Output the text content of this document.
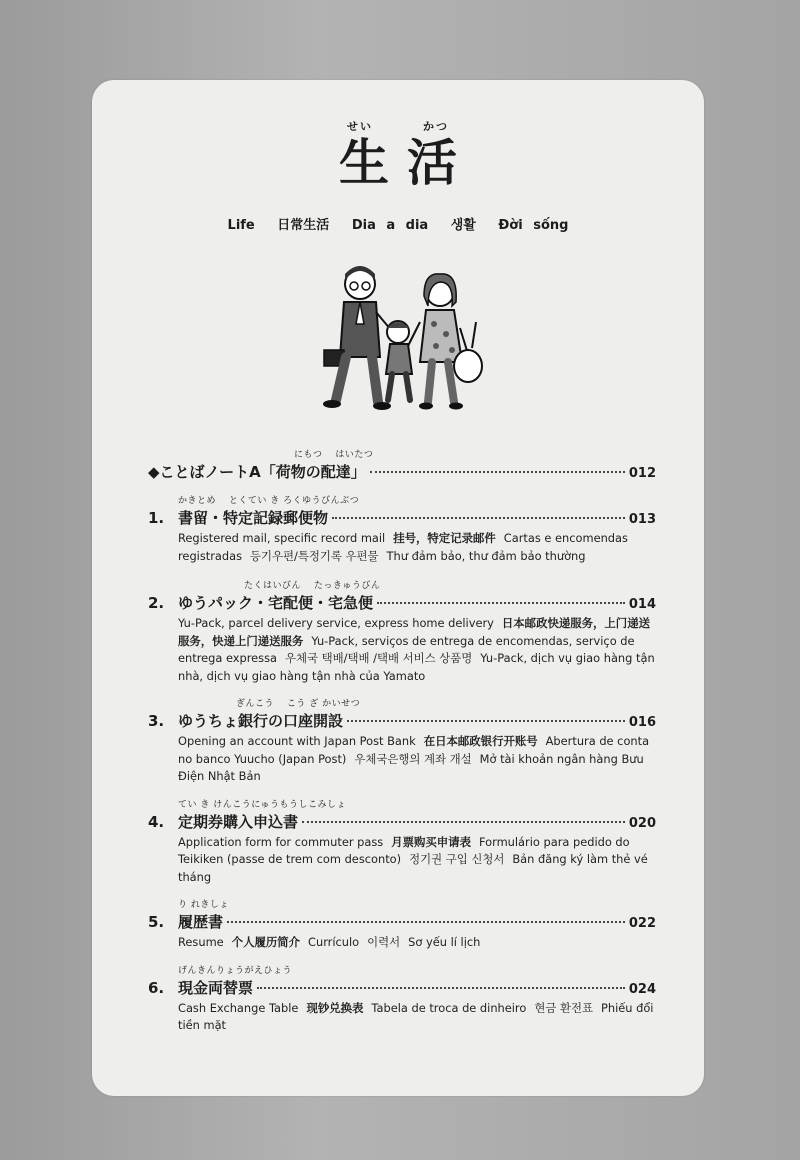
せい	かつ
生活
Life 日常生活 Dia a dia 생활 Đời sống
にもつ　 はいたつ
◆ことばノートA「荷物の配達」	012
かきとめ　 とくてい き ろくゆうびんぶつ
1. 書留・特定記録郵便物	013
Registered mail, specific record mail 挂号，特定记录邮件 Cartas e encomendas registradas 등기우편/특정기록 우편물 Thư đảm bảo, thư đảm bảo thường
たくはいびん　 たっきゅうびん
2. ゆうパック・宅配便・宅急便	014
Yu-Pack, parcel delivery service, express home delivery 日本邮政快递服务，上门递送服务，快递上门递送服务 Yu-Pack, serviços de entrega de encomendas, serviço de entrega expressa 우체국 택배/택배 /택배 서비스 상품명 Yu-Pack, dịch vụ giao hàng tận nhà, dịch vụ giao hàng tận nhà của Yamato
ぎんこう　 こう ざ かいせつ
3. ゆうちょ銀行の口座開設	016
Opening an account with Japan Post Bank 在日本邮政银行开账号 Abertura de conta no banco Yuucho (Japan Post) 우체국은행의 계좌 개설 Mở tài khoản ngân hàng Bưu Điện Nhật Bản
てい き けんこうにゅうもうしこみしょ
4. 定期券購入申込書	020
Application form for commuter pass 月票购买申请表 Formulário para pedido do Teikiken (passe de trem com desconto) 정기권 구입 신청서 Bản đăng ký làm thẻ vé tháng
り れきしょ
5. 履歴書	022
Resume 个人履历简介 Currículo 이력서 Sơ yếu lí lịch
げんきんりょうがえひょう
6. 現金両替票	024
Cash Exchange Table 现钞兑换表 Tabela de troca de dinheiro 현금 환전표 Phiếu đổi tiền mặt
